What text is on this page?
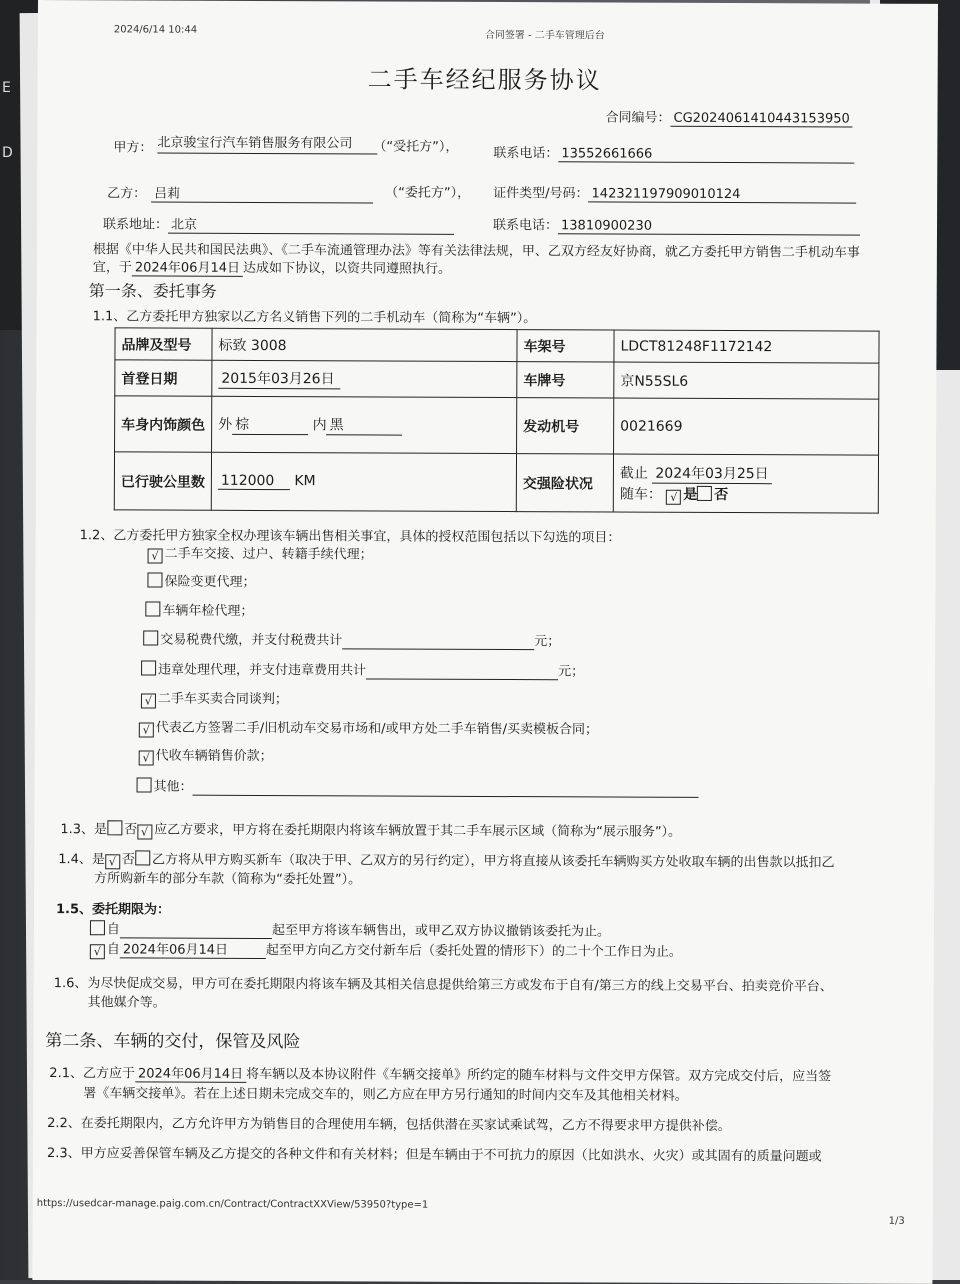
E
D
2024/6/14 10:44	合同签署 - 二手车管理后台
二手车经纪服务协议
合同编号： CG2024061410443153950
甲方： 北京骏宝行汽车销售服务有限公司	（“受托方”），	联系电话： 13552661666
乙方： 吕莉	（“委托方”）， 证件类型/号码： 142321197909010124
联系地址： 北京	联系电话： 13810900230
根据《中华人民共和国民法典》、《二手车流通管理办法》等有关法律法规，甲、乙双方经友好协商，就乙方委托甲方销售二手机动车事
宜，于 2024年06月14日 达成如下协议，以资共同遵照执行。
第一条、委托事务
1.1、乙方委托甲方独家以乙方名义销售下列的二手机动车（简称为“车辆”）。
品牌及型号	标致 3008	车架号	LDCT81248F1172142
首登日期	2015年03月26日	车牌号	京N55SL6
车身内饰颜色	外 棕 内 黑	发动机号	0021669
已行驶公里数	112000 KM	交强险状况	截止 2024年03月25日
随车： √ 是 否
1.2、乙方委托甲方独家全权办理该车辆出售相关事宜，具体的授权范围包括以下勾选的项目：
√ 二手车交接、过户、转籍手续代理；
保险变更代理；
车辆年检代理；
交易税费代缴，并支付税费共计	元；
违章处理代理，并支付违章费用共计	元；
√ 二手车买卖合同谈判；
√ 代表乙方签署二手/旧机动车交易市场和/或甲方处二手车销售/买卖模板合同；
√ 代收车辆销售价款；
其他：
1.3、是 否 √ 应乙方要求，甲方将在委托期限内将该车辆放置于其二手车展示区域（简称为“展示服务”）。
1.4、是 √ 否 乙方将从甲方购买新车（取决于甲、乙双方的另行约定），甲方将直接从该委托车辆购买方处收取车辆的出售款以抵扣乙
方所购新车的部分车款（简称为“委托处置”）。
1.5、委托期限为：
自	起至甲方将该车辆售出，或甲乙双方协议撤销该委托为止。
√ 自 2024年06月14日	起至甲方向乙方交付新车后（委托处置的情形下）的二十个工作日为止。
1.6、为尽快促成交易，甲方可在委托期限内将该车辆及其相关信息提供给第三方或发布于自有/第三方的线上交易平台、拍卖竞价平台、
其他媒介等。
第二条、车辆的交付，保管及风险
2.1、乙方应于 2024年06月14日 将车辆以及本协议附件《车辆交接单》所约定的随车材料与文件交甲方保管。双方完成交付后，应当签
署《车辆交接单》。若在上述日期未完成交车的，则乙方应在甲方另行通知的时间内交车及其他相关材料。
2.2、在委托期限内，乙方允许甲方为销售目的合理使用车辆，包括供潜在买家试乘试驾，乙方不得要求甲方提供补偿。
2.3、甲方应妥善保管车辆及乙方提交的各种文件和有关材料；但是车辆由于不可抗力的原因（比如洪水、火灾）或其固有的质量问题或
https://usedcar-manage.paig.com.cn/Contract/ContractXXView/53950?type=1
1/3
